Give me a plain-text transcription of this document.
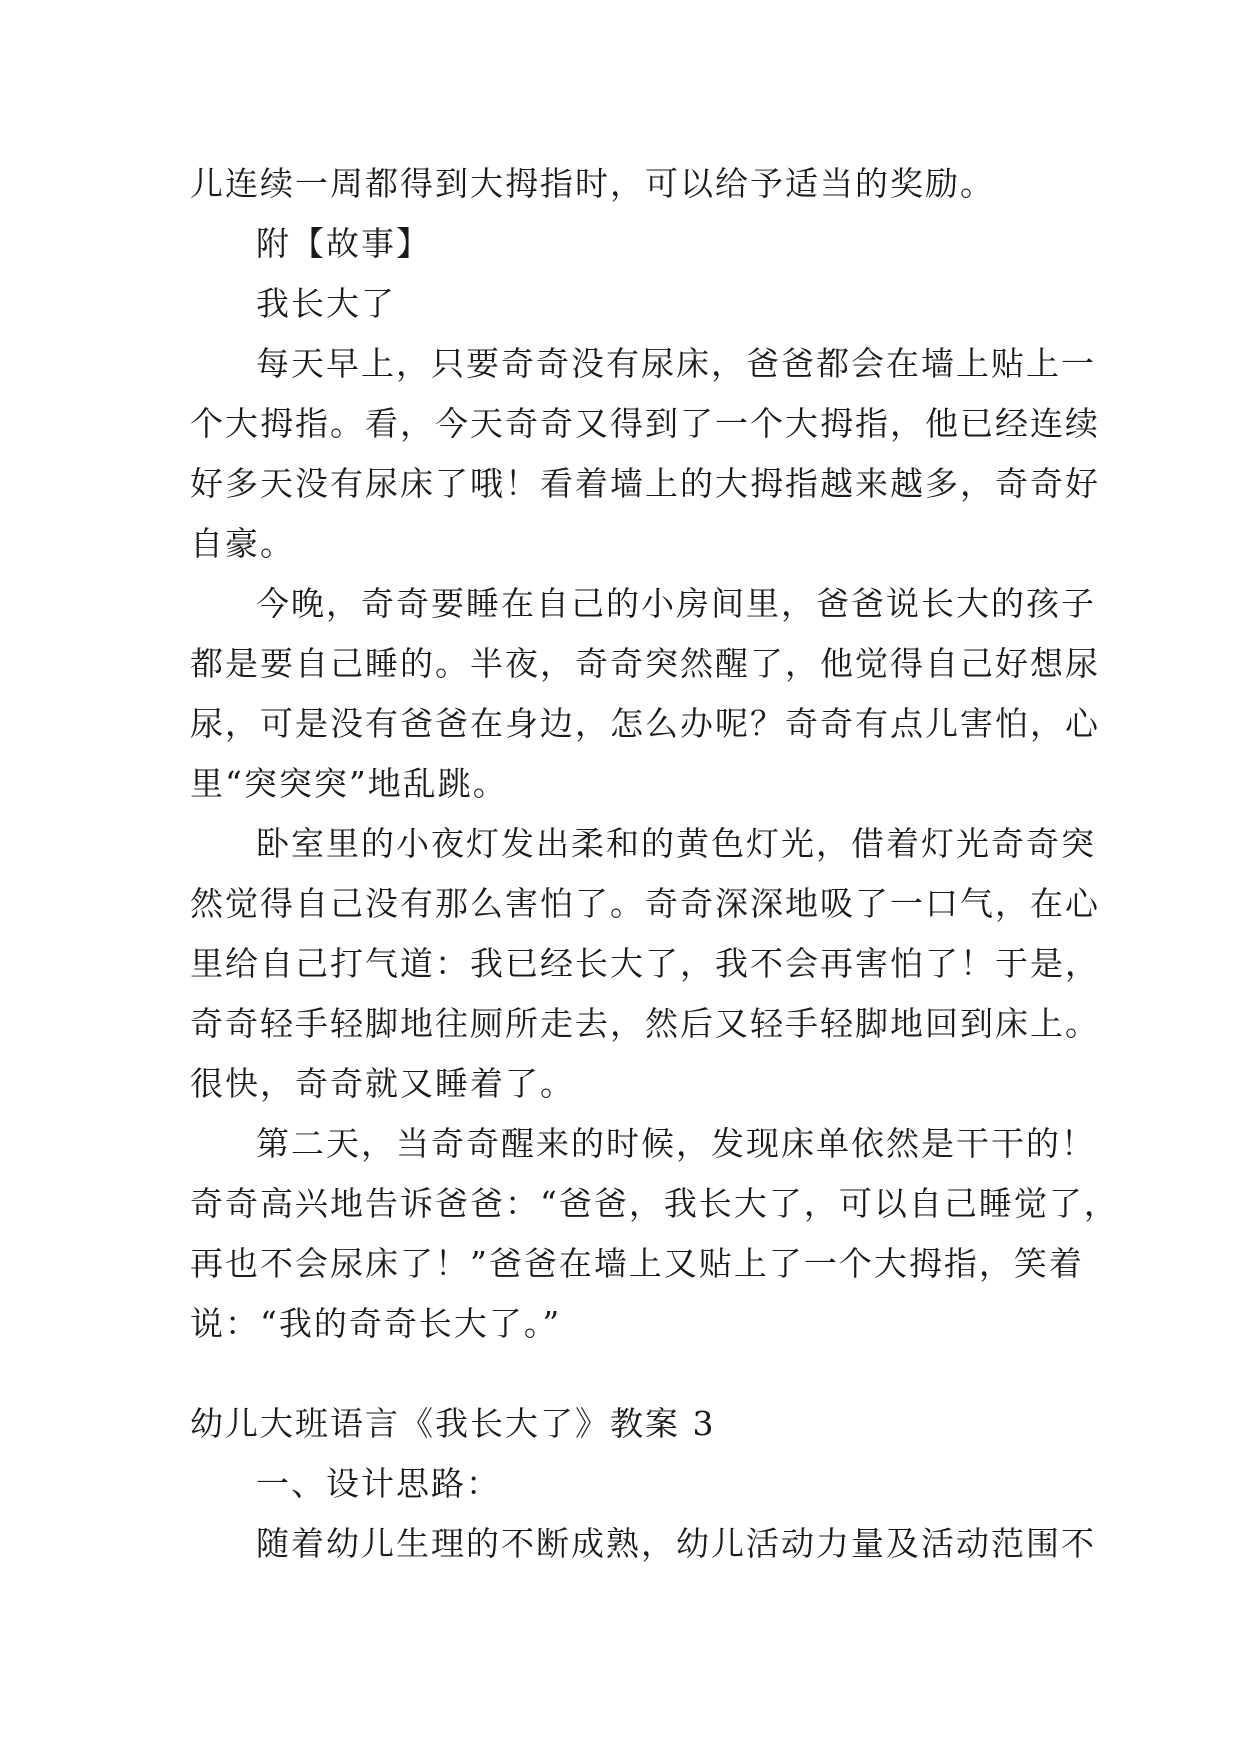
儿连续一周都得到大拇指时，可以给予适当的奖励。
附【故事】
我长大了
每天早上，只要奇奇没有尿床，爸爸都会在墙上贴上一
个大拇指。看，今天奇奇又得到了一个大拇指，他已经连续
好多天没有尿床了哦！看着墙上的大拇指越来越多，奇奇好
自豪。
今晚，奇奇要睡在自己的小房间里，爸爸说长大的孩子
都是要自己睡的。半夜，奇奇突然醒了，他觉得自己好想尿
尿，可是没有爸爸在身边，怎么办呢？奇奇有点儿害怕，心
里“突突突”地乱跳。
卧室里的小夜灯发出柔和的黄色灯光，借着灯光奇奇突
然觉得自己没有那么害怕了。奇奇深深地吸了一口气，在心
里给自己打气道：我已经长大了，我不会再害怕了！于是，
奇奇轻手轻脚地往厕所走去，然后又轻手轻脚地回到床上。
很快，奇奇就又睡着了。
第二天，当奇奇醒来的时候，发现床单依然是干干的！
奇奇高兴地告诉爸爸：“爸爸，我长大了，可以自己睡觉了，
再也不会尿床了！”爸爸在墙上又贴上了一个大拇指，笑着
说：“我的奇奇长大了。”
幼儿大班语言《我长大了》教案 3
一、设计思路：
随着幼儿生理的不断成熟，幼儿活动力量及活动范围不
